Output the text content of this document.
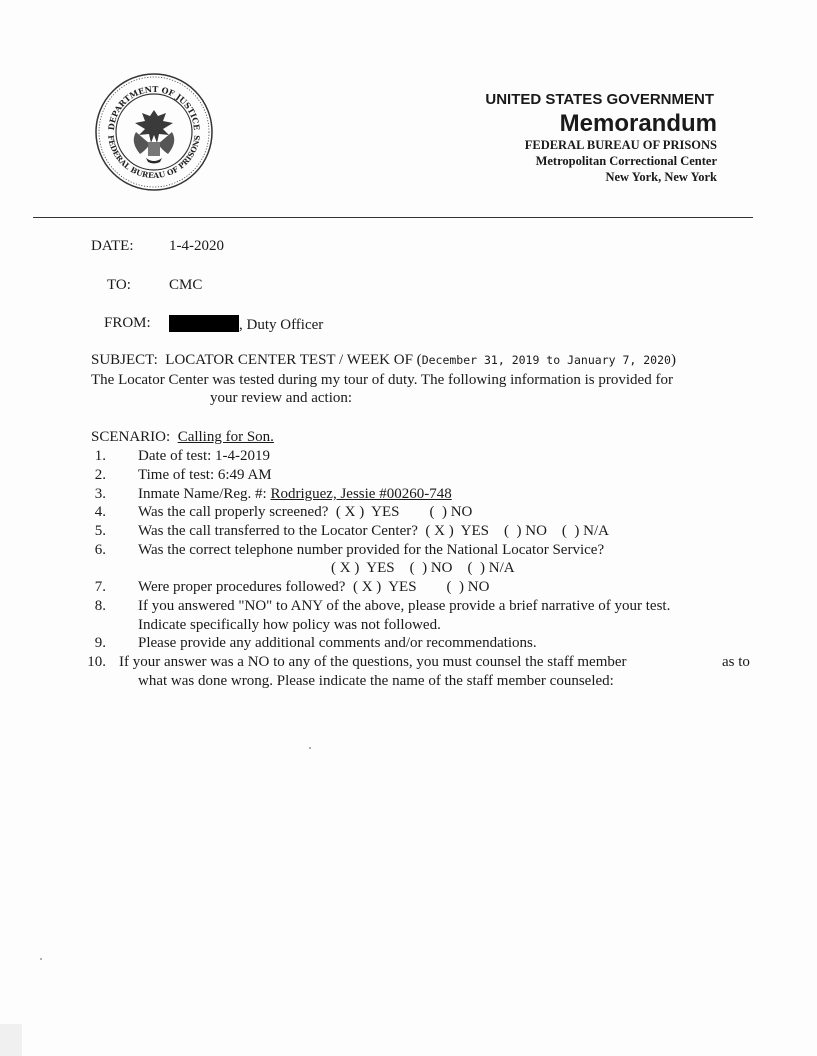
DEPARTMENT OF JUSTICE
FEDERAL BUREAU OF PRISONS
UNITED STATES GOVERNMENT
Memorandum
FEDERAL BUREAU OF PRISONS
Metropolitan Correctional Center
New York, New York
DATE: 1-4-2020
TO:	CMC
FROM:	, Duty Officer
SUBJECT: LOCATOR CENTER TEST / WEEK OF (December 31, 2019 to January 7, 2020)
The Locator Center was tested during my tour of duty. The following information is provided for
your review and action:
SCENARIO: Calling for Son.
1. Date of test: 1-4-2019
2. Time of test: 6:49 AM
3. Inmate Name/Reg. #: Rodriguez, Jessie #00260-748
4. Was the call properly screened?  ( X )  YES        (  ) NO
5. Was the call transferred to the Locator Center?  ( X )  YES    (  ) NO    (  ) N/A
6. Was the correct telephone number provided for the National Locator Service?
( X )  YES    (  ) NO    (  ) N/A
7. Were proper procedures followed?  ( X )  YES        (  ) NO
8. If you answered "NO" to ANY of the above, please provide a brief narrative of your test.
Indicate specifically how policy was not followed.
9. Please provide any additional comments and/or recommendations.
10. If your answer was a NO to any of the questions, you must counsel the staff member	as to
what was done wrong. Please indicate the name of the staff member counseled:
